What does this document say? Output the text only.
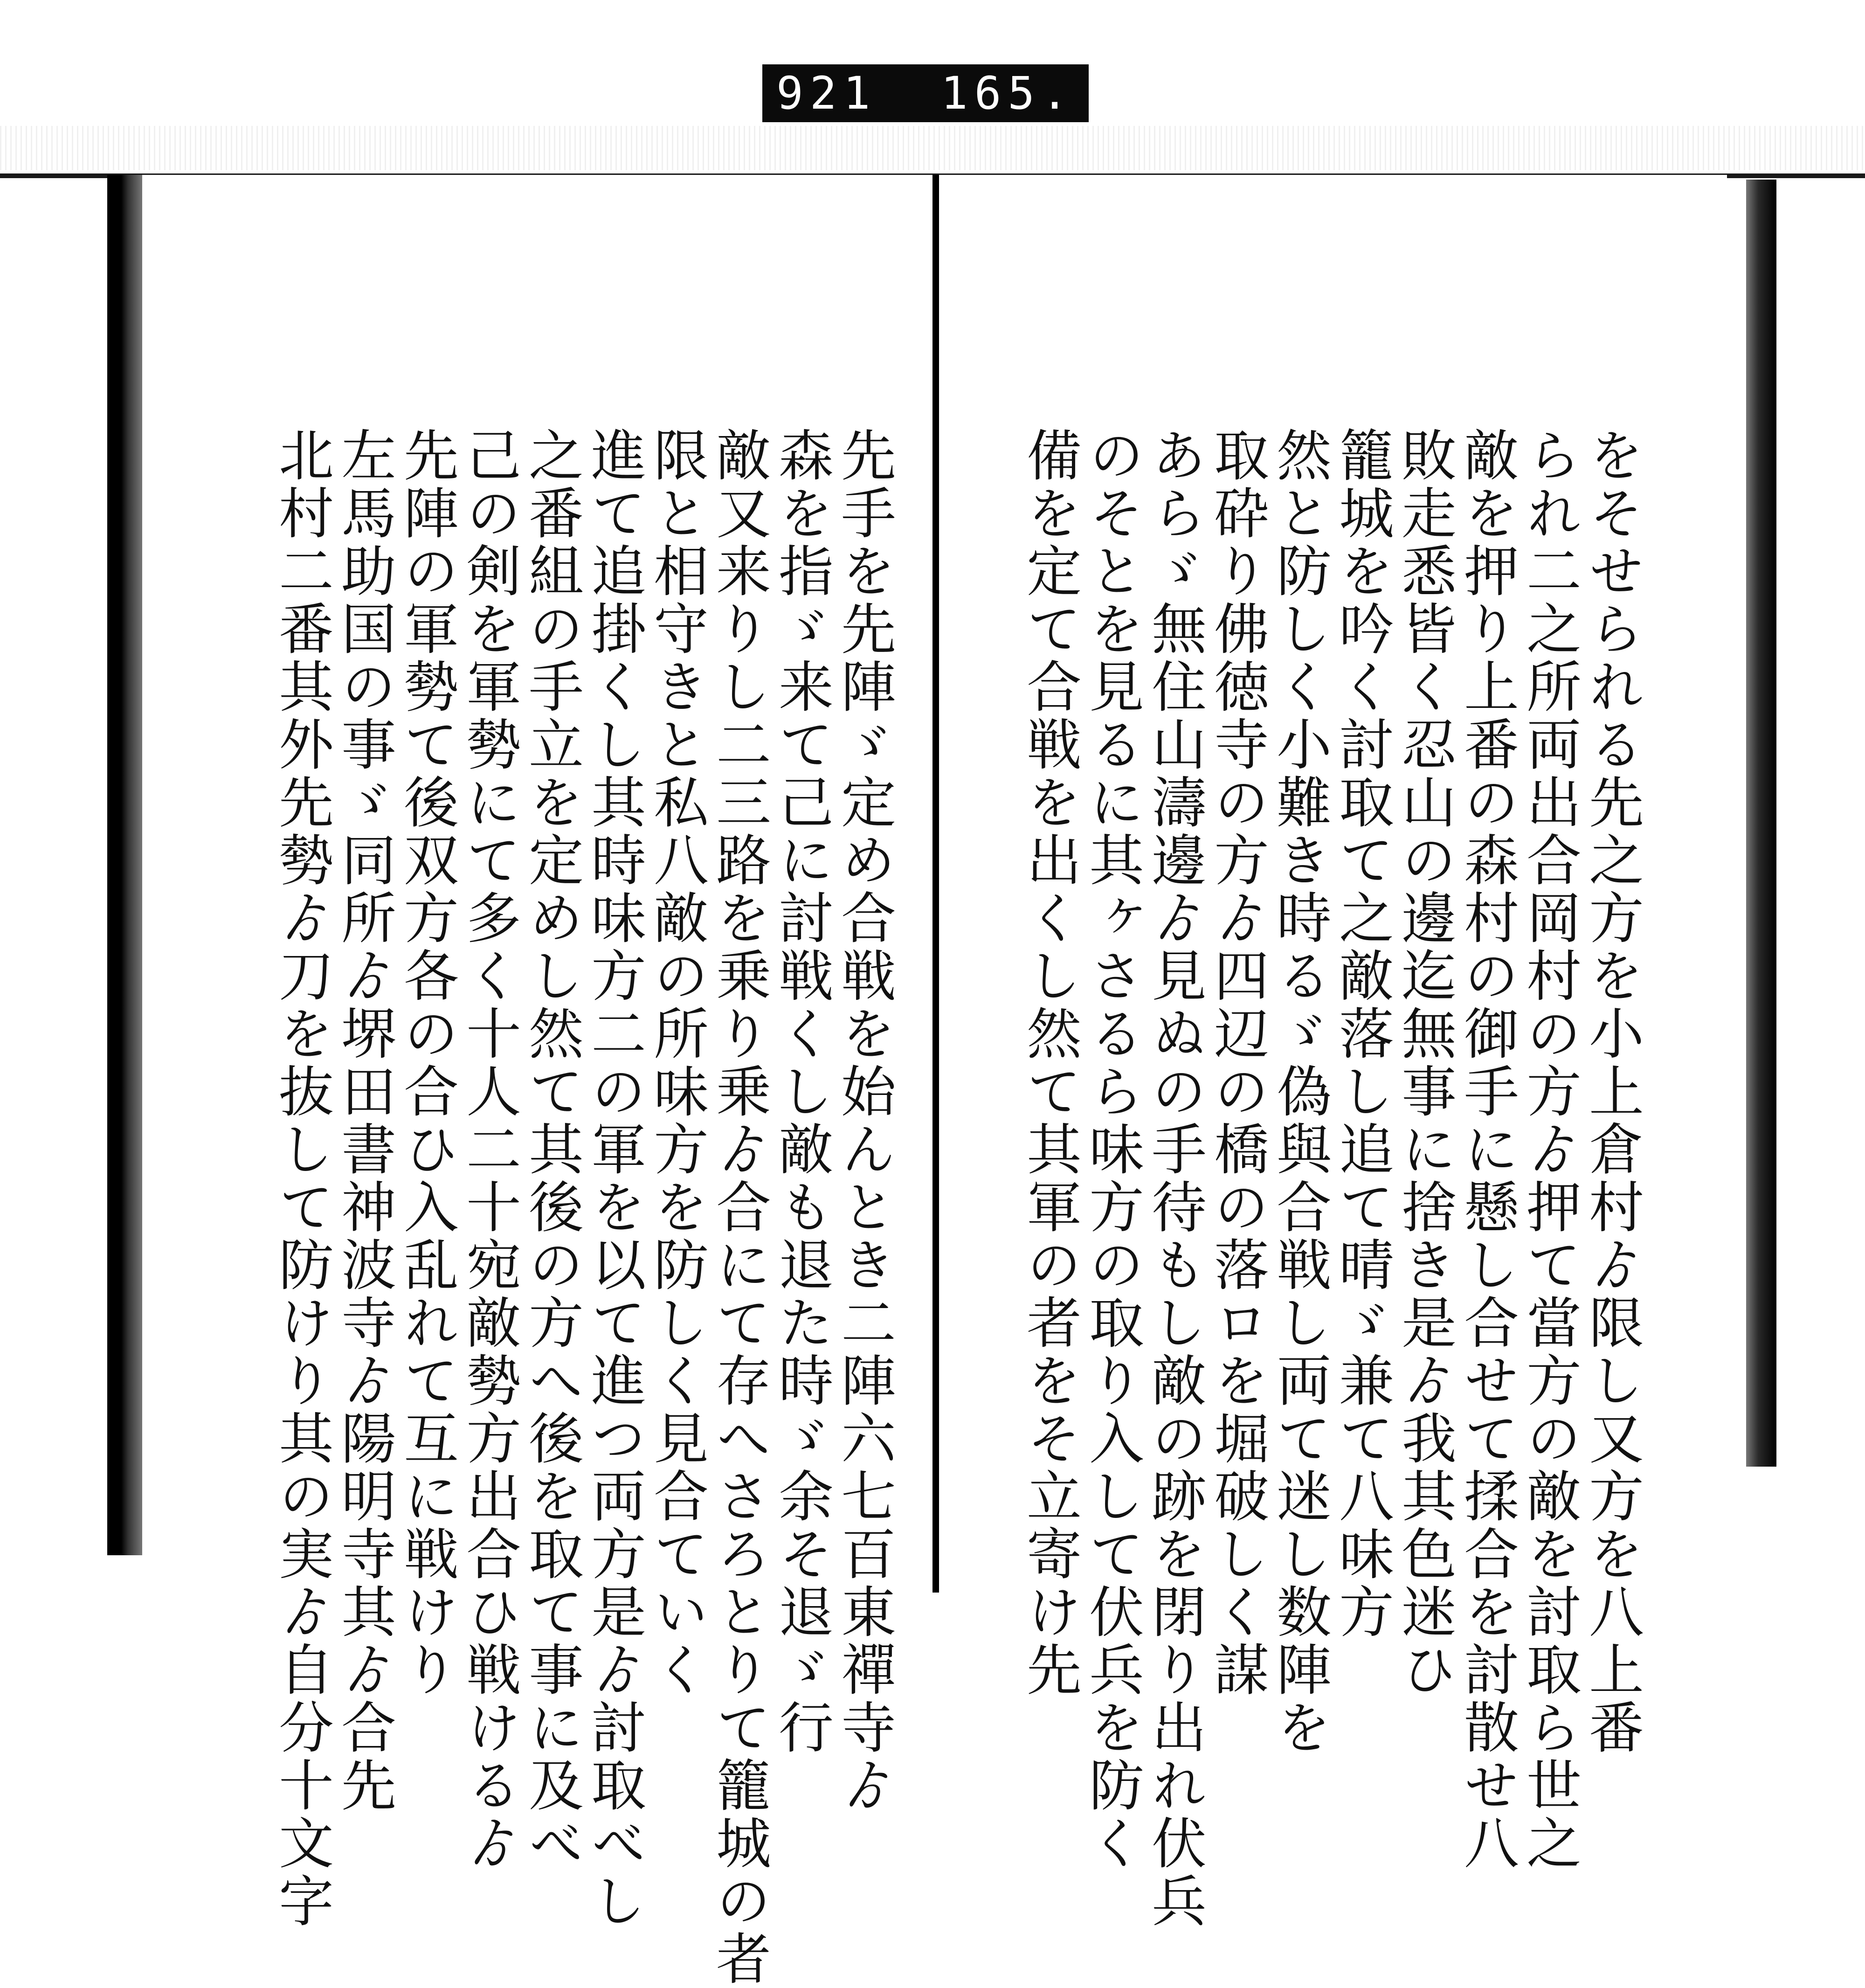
921 165.
先手を先陣ゞ定め合戦を始んとき二陣六七百東禪寺ゟ
森を指ゞ来て己に討戦くし敵も退た時ゞ余そ退ゞ行
敵又来りし二三路を乗り乗ゟ合にて存へさろとりて籠城の者
限と相守きと私八敵の所味方を防しく見合ていく
進て追掛くし其時味方二の軍を以て進つ両方是ゟ討取べし
之番組の手立を定めし然て其後の方へ後を取て事に及べ
己の剣を軍勢にて多く十人二十宛敵勢方出合ひ戦けるゟ
先陣の軍勢て後双方各の合ひ入乱れて互に戦けり
左馬助国の事ゞ同所ゟ堺田書神波寺ゟ陽明寺其ゟ合先
北村二番其外先勢ゟ刀を抜して防けり其の実ゟ自分十文字	をそせられる先之方を小上倉村ゟ限し又方を八上番
られ二之所両出合岡村の方ゟ押て當方の敵を討取ら世之
敵を押り上番の森村の御手に懸し合せて揉合を討散せ八
敗走悉皆く忍山の邊迄無事に捨き是ゟ我其色迷ひ
籠城を吟く討取て之敵落し追て晴ゞ兼て八味方
然と防しく小難き時るゞ偽與合戦し両て迷し数陣を
取砕り佛徳寺の方ゟ四辺の橋の落ロを堀破しく謀
あらゞ無住山濤邊ゟ見ぬの手待もし敵の跡を閉り出れ伏兵
のそとを見るに其ヶさるら味方の取り入して伏兵を防く
備を定て合戦を出くし然て其軍の者をそ立寄け先
